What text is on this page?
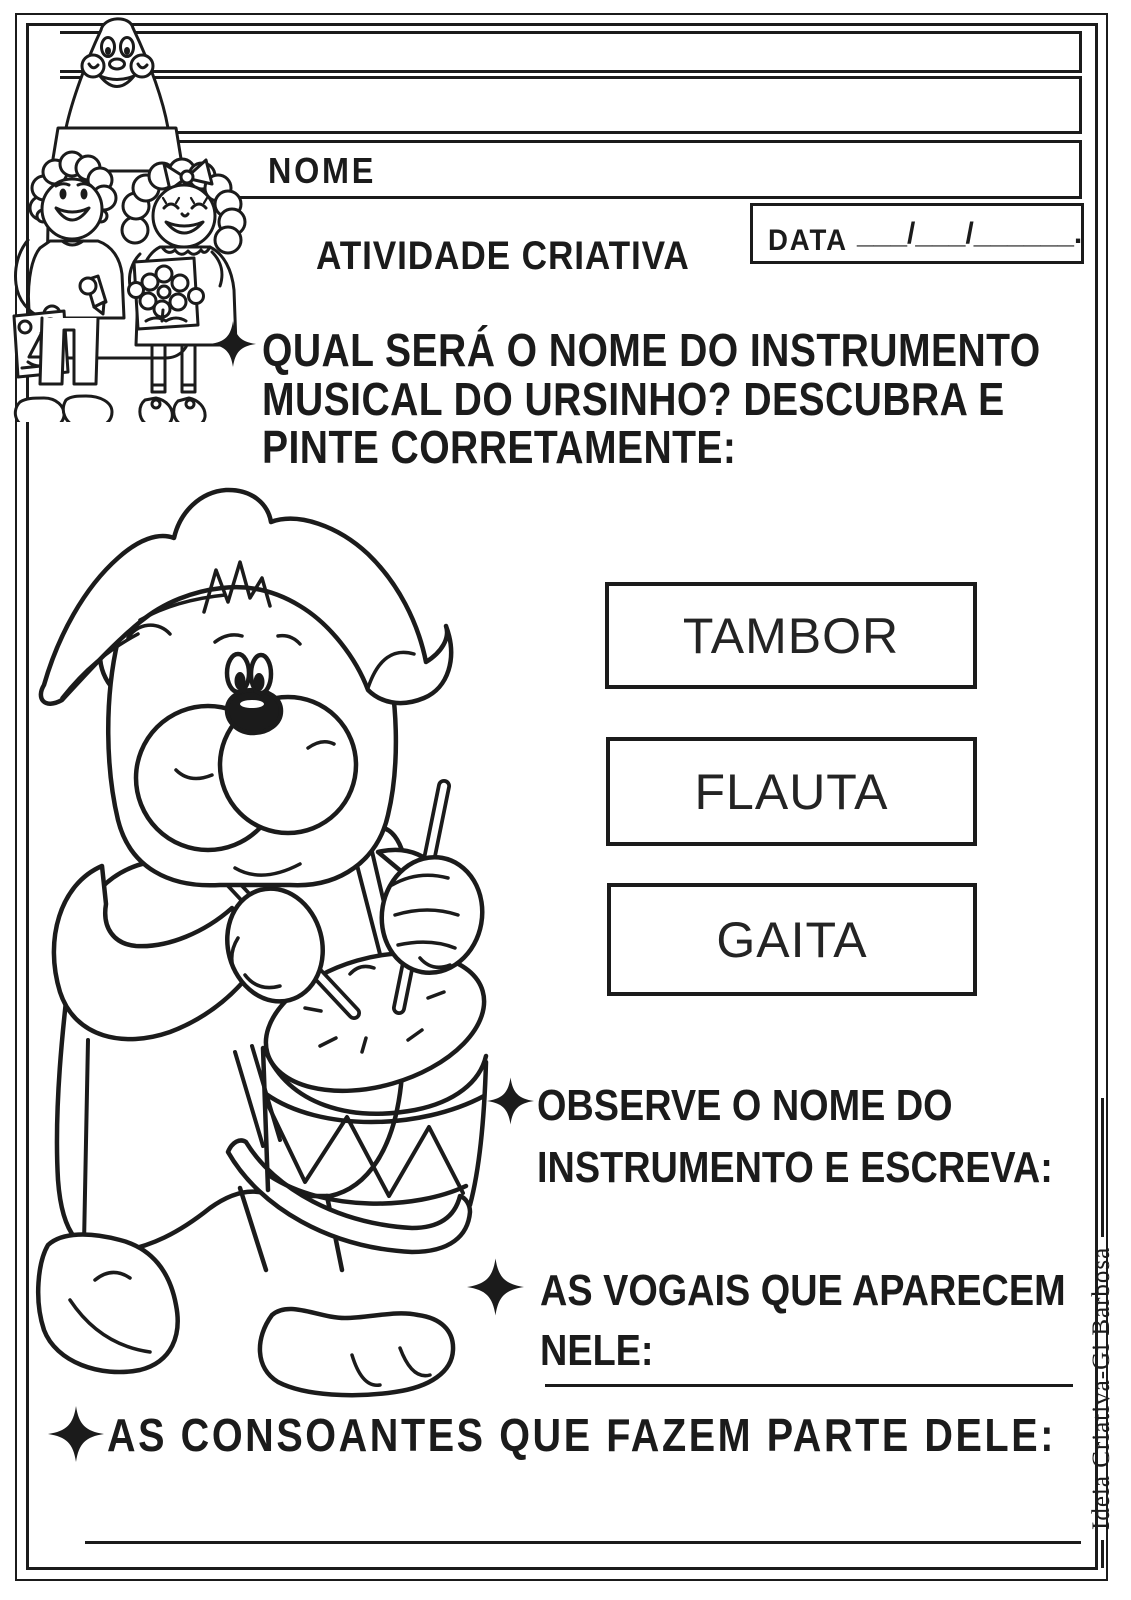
NOME
DATA ___/___/______.
ATIVIDADE CRIATIVA
QUAL SERÁ O NOME DO INSTRUMENTO
MUSICAL DO URSINHO? DESCUBRA E
PINTE CORRETAMENTE:
TAMBOR
FLAUTA
GAITA
OBSERVE O NOME DO
INSTRUMENTO E ESCREVA:
AS VOGAIS QUE APARECEM
NELE:
AS CONSOANTES QUE FAZEM PARTE DELE: Ideia Criativa-Gi Barbosa
